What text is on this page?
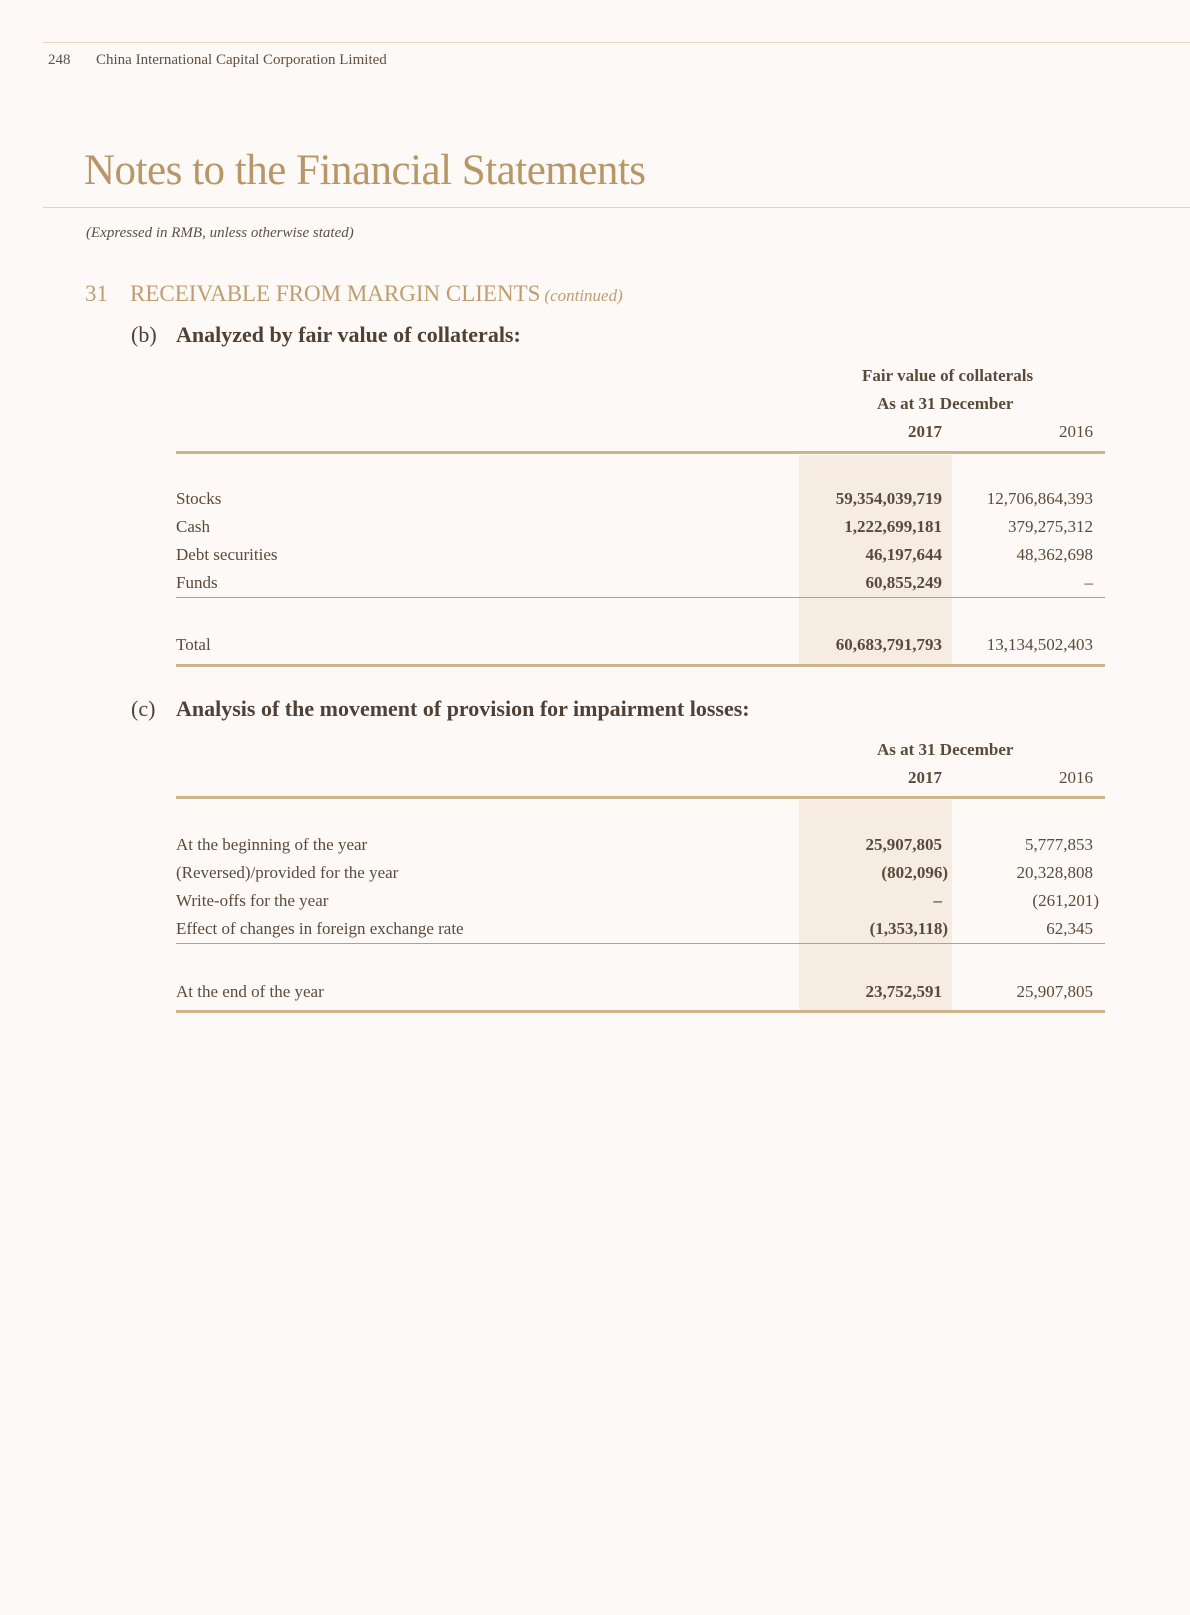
248 China International Capital Corporation Limited
Notes to the Financial Statements
(Expressed in RMB, unless otherwise stated)
31 RECEIVABLE FROM MARGIN CLIENTS (continued)
(b) Analyzed by fair value of collaterals:
Fair value of collaterals
As at 31 December
2017	2016
Stocks	59,354,039,719	12,706,864,393
Cash	1,222,699,181	379,275,312
Debt securities	46,197,644	48,362,698
Funds	60,855,249	–
Total	60,683,791,793	13,134,502,403
(c) Analysis of the movement of provision for impairment losses:
As at 31 December
2017	2016
At the beginning of the year	25,907,805	5,777,853
(Reversed)/provided for the year	(802,096)	20,328,808
Write-offs for the year	–	(261,201)
Effect of changes in foreign exchange rate	(1,353,118)	62,345
At the end of the year	23,752,591	25,907,805
